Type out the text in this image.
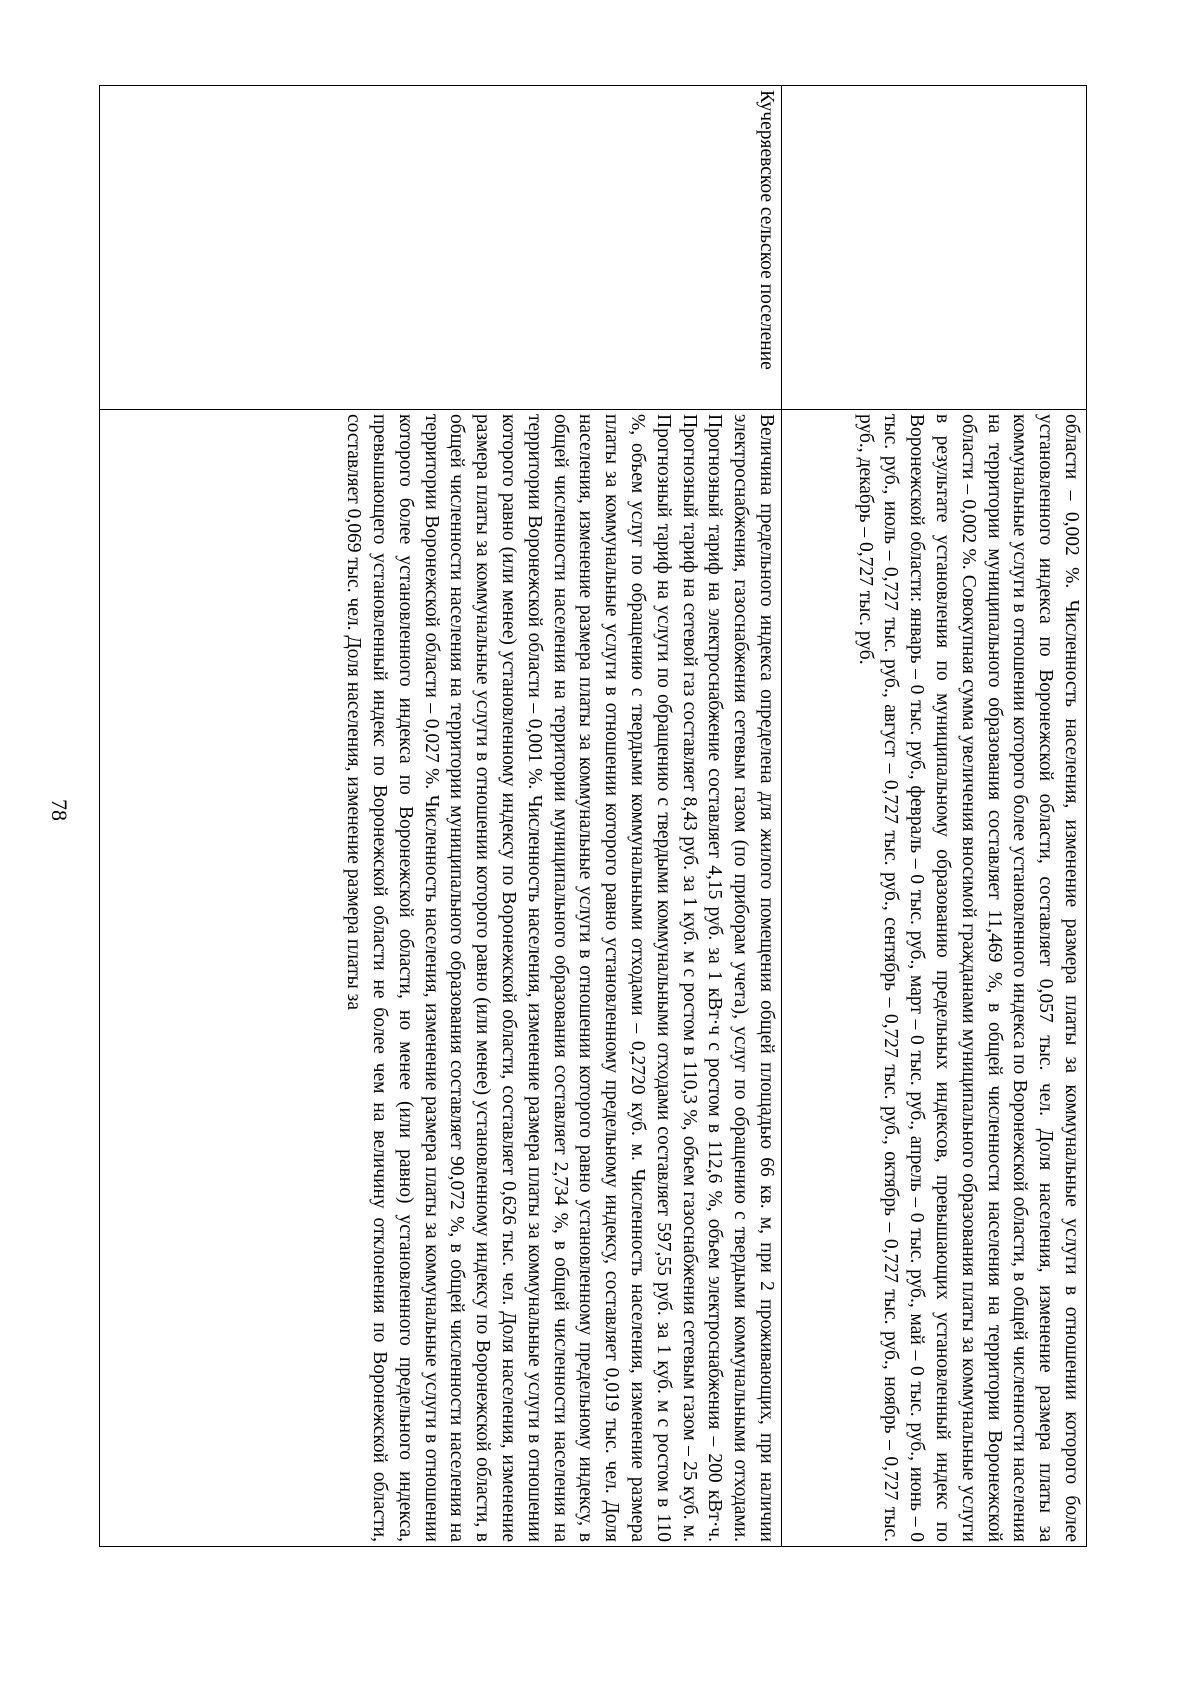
78

	области – 0,002 %. Численность населения, изменение размера платы за коммунальные услуги в отношении которого более установленного индекса по Воронежской области, составляет 0,057 тыс. чел. Доля населения, изменение размера платы за коммунальные услуги в отношении которого более установленного индекса по Воронежской области, в общей численности населения на территории муниципального образования составляет 11,469 %, в общей численности населения на территории Воронежской области – 0,002 %. Совокупная сумма увеличения вносимой гражданами муниципального образования платы за коммунальные услуги в результате установления по муниципальному образованию предельных индексов, превышающих установленный индекс по Воронежской области: январь – 0 тыс. руб., февраль – 0 тыс. руб., март – 0 тыс. руб., апрель – 0 тыс. руб., май – 0 тыс. руб., июнь – 0 тыс. руб., июль – 0,727 тыс. руб., август – 0,727 тыс. руб., сентябрь – 0,727 тыс. руб., октябрь – 0,727 тыс. руб., ноябрь – 0,727 тыс. руб., декабрь – 0,727 тыс. руб.

Кучеряевское сельское поселение	Величина предельного индекса определена для жилого помещения общей площадью 66 кв. м, при 2 проживающих, при наличии электроснабжения, газоснабжения сетевым газом (по приборам учета), услуг по обращению с твердыми коммунальными отходами. Прогнозный тариф на электроснабжение составляет 4,15 руб. за 1 кВт·ч с ростом в 112,6 %, объем электроснабжения – 200 кВт·ч. Прогнозный тариф на сетевой газ составляет 8,43 руб. за 1 куб. м с ростом в 110,3 %, объем газоснабжения сетевым газом – 25 куб. м. Прогнозный тариф на услуги по обращению с твердыми коммунальными отходами составляет 597,55 руб. за 1 куб. м с ростом в 110 %, объем услуг по обращению с твердыми коммунальными отходами – 0,2720 куб. м. Численность населения, изменение размера платы за коммунальные услуги в отношении которого равно установленному предельному индексу, составляет 0,019 тыс. чел. Доля населения, изменение размера платы за коммунальные услуги в отношении которого равно установленному предельному индексу, в общей численности населения на территории муниципального образования составляет 2,734 %, в общей численности населения на территории Воронежской области – 0,001 %. Численность населения, изменение размера платы за коммунальные услуги в отношении которого равно (или менее) установленному индексу по Воронежской области, составляет 0,626 тыс. чел. Доля населения, изменение размера платы за коммунальные услуги в отношении которого равно (или менее) установленному индексу по Воронежской области, в общей численности населения на территории муниципального образования составляет 90,072 %, в общей численности населения на территории Воронежской области – 0,027 %. Численность населения, изменение размера платы за коммунальные услуги в отношении которого более установленного индекса по Воронежской области, но менее (или равно) установленного предельного индекса, превышающего установленный индекс по Воронежской области не более чем на величину отклонения по Воронежской области, составляет 0,069 тыс. чел. Доля населения, изменение размера платы за
